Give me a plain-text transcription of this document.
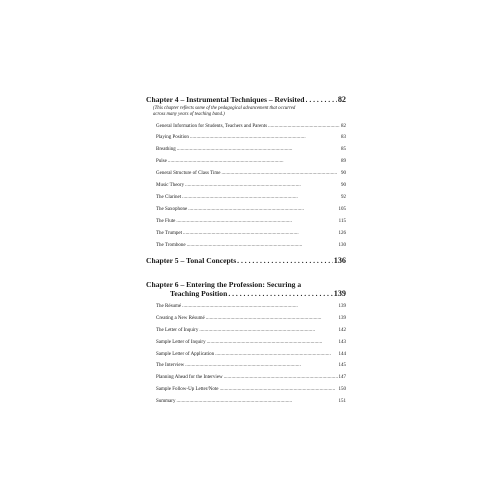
Chapter 4 – Instrumental Techniques – Revisited . . .	82
(This chapter reflects some of the pedagogical advancement that occurred across many years of teaching band.)
General Information for Students, Teachers and Parents . . .	82
Playing Position . . .	83
Breathing . . .	85
Pulse . . .	89
General Structure of Class Time . . .	90
Music Theory . . .	90
The Clarinet . . .	92
The Saxophone . . .	105
The Flute . . .	115
The Trumpet . . .	126
The Trombone . . .	130
Chapter 5 – Tonal Concepts . . .	136
Chapter 6 – Entering the Profession: Securing a
Teaching Position . . .	139
The Résumé . . .	139
Creating a New Résumé . . .	139
The Letter of Inquiry . . .	142
Sample Letter of Inquiry . . .	143
Sample Letter of Application . . .	144
The Interview . . .	145
Planning Ahead for the Interview . . .	147
Sample Follow-Up Letter/Note . . .	150
Summary . . .	151
